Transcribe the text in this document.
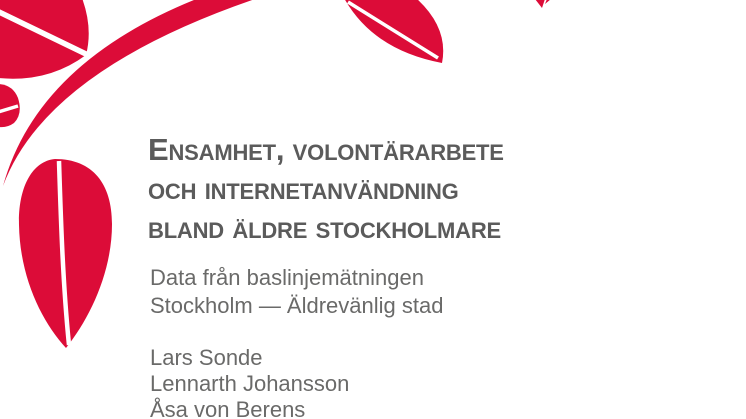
Ensamhet, volontärarbete
och internetanvändning
bland äldre stockholmare

Data från baslinjemätningen
Stockholm — Äldrevänlig stad

Lars Sonde
Lennarth Johansson
Åsa von Berens
